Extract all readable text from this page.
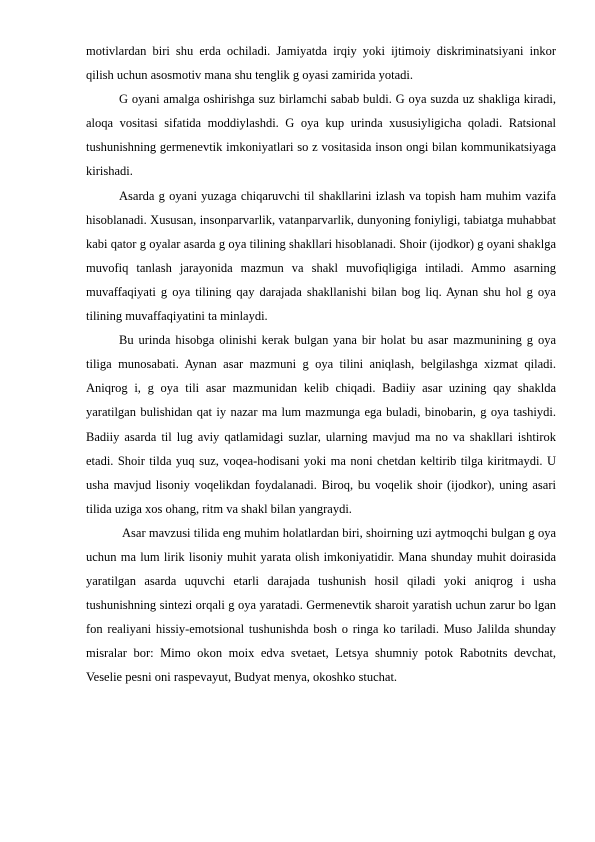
motivlardan biri shu erda ochiladi. Jamiyatda irqiy yoki ijtimoiy diskriminatsiyani inkor qilish uchun asosmotiv mana shu tenglik g oyasi zamirida yotadi.

G oyani amalga oshirishga suz birlamchi sabab buldi. G oya suzda uz shakliga kiradi, aloqa vositasi sifatida moddiylashdi. G oya kup urinda xususiyligicha qoladi. Ratsional tushunishning germenevtik imkoniyatlari so z vositasida inson ongi bilan kommunikatsiyaga kirishadi.

Asarda g oyani yuzaga chiqaruvchi til shakllarini izlash va topish ham muhim vazifa hisoblanadi. Xususan, insonparvarlik, vatanparvarlik, dunyoning foniyligi, tabiatga muhabbat kabi qator g oyalar asarda g oya tilining shakllari hisoblanadi. Shoir (ijodkor) g oyani shaklga muvofiq tanlash jarayonida mazmun va shakl muvofiqligiga intiladi. Ammo asarning muvaffaqiyati g oya tilining qay darajada shakllanishi bilan bog liq. Aynan shu hol g oya tilining muvaffaqiyatini ta minlaydi.

Bu urinda hisobga olinishi kerak bulgan yana bir holat bu asar mazmunining g oya tiliga munosabati. Aynan asar mazmuni g oya tilini aniqlash, belgilashga xizmat qiladi. Aniqrog i, g oya tili asar mazmunidan kelib chiqadi. Badiiy asar uzining qay shaklda yaratilgan bulishidan qat iy nazar ma lum mazmunga ega buladi, binobarin, g oya tashiydi. Badiiy asarda til lug aviy qatlamidagi suzlar, ularning mavjud ma no va shakllari ishtirok etadi. Shoir tilda yuq suz, voqea-hodisani yoki ma noni chetdan keltirib tilga kiritmaydi. U usha mavjud lisoniy voqelikdan foydalanadi. Biroq, bu voqelik shoir (ijodkor), uning asari tilida uziga xos ohang, ritm va shakl bilan yangraydi.

Asar mavzusi tilida eng muhim holatlardan biri, shoirning uzi aytmoqchi bulgan g oya uchun ma lum lirik lisoniy muhit yarata olish imkoniyatidir. Mana shunday muhit doirasida yaratilgan asarda uquvchi etarli darajada tushunish hosil qiladi yoki aniqrog i usha tushunishning sintezi orqali g oya yaratadi. Germenevtik sharoit yaratish uchun zarur bo lgan fon realiyani hissiy-emotsional tushunishda bosh o ringa ko tariladi. Muso Jalilda shunday misralar bor: Mimo okon moix edva svetaet, Letsya shumniy potok Rabotnits devchat, Veselie pesni oni raspevayut, Budyat menya, okoshko stuchat.
